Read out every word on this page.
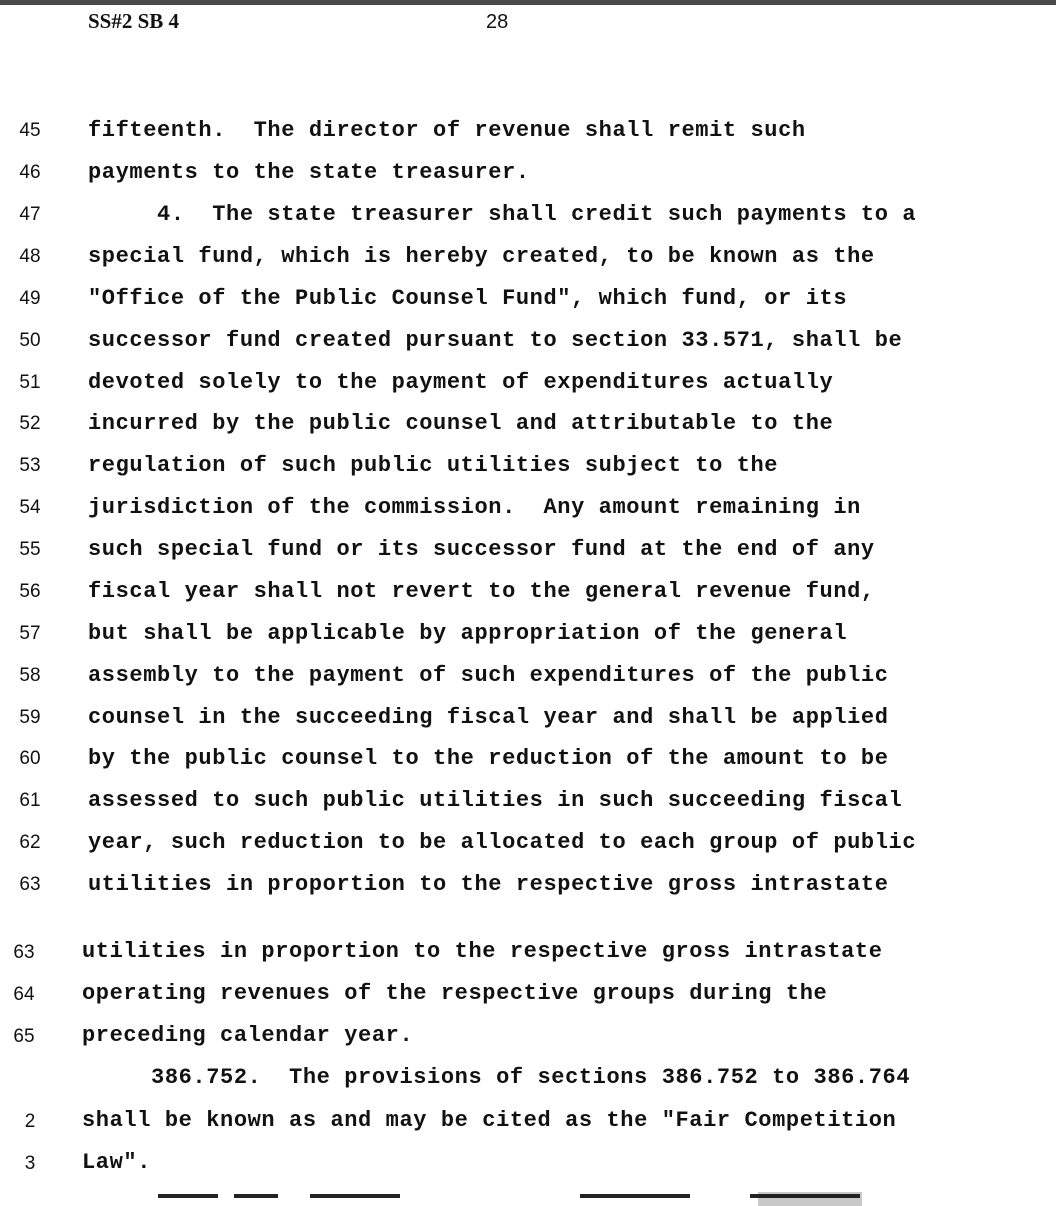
SS#2 SB 4	28
45	fifteenth.  The director of revenue shall remit such
46	payments to the state treasurer.
47	4.  The state treasurer shall credit such payments to a
48	special fund, which is hereby created, to be known as the
49	"Office of the Public Counsel Fund", which fund, or its
50	successor fund created pursuant to section 33.571, shall be
51	devoted solely to the payment of expenditures actually
52	incurred by the public counsel and attributable to the
53	regulation of such public utilities subject to the
54	jurisdiction of the commission.  Any amount remaining in
55	such special fund or its successor fund at the end of any
56	fiscal year shall not revert to the general revenue fund,
57	but shall be applicable by appropriation of the general
58	assembly to the payment of such expenditures of the public
59	counsel in the succeeding fiscal year and shall be applied
60	by the public counsel to the reduction of the amount to be
61	assessed to such public utilities in such succeeding fiscal
62	year, such reduction to be allocated to each group of public
63	utilities in proportion to the respective gross intrastate
63	utilities in proportion to the respective gross intrastate
64	operating revenues of the respective groups during the
65	preceding calendar year.
386.752.  The provisions of sections 386.752 to 386.764
2	shall be known as and may be cited as the "Fair Competition
3	Law".
